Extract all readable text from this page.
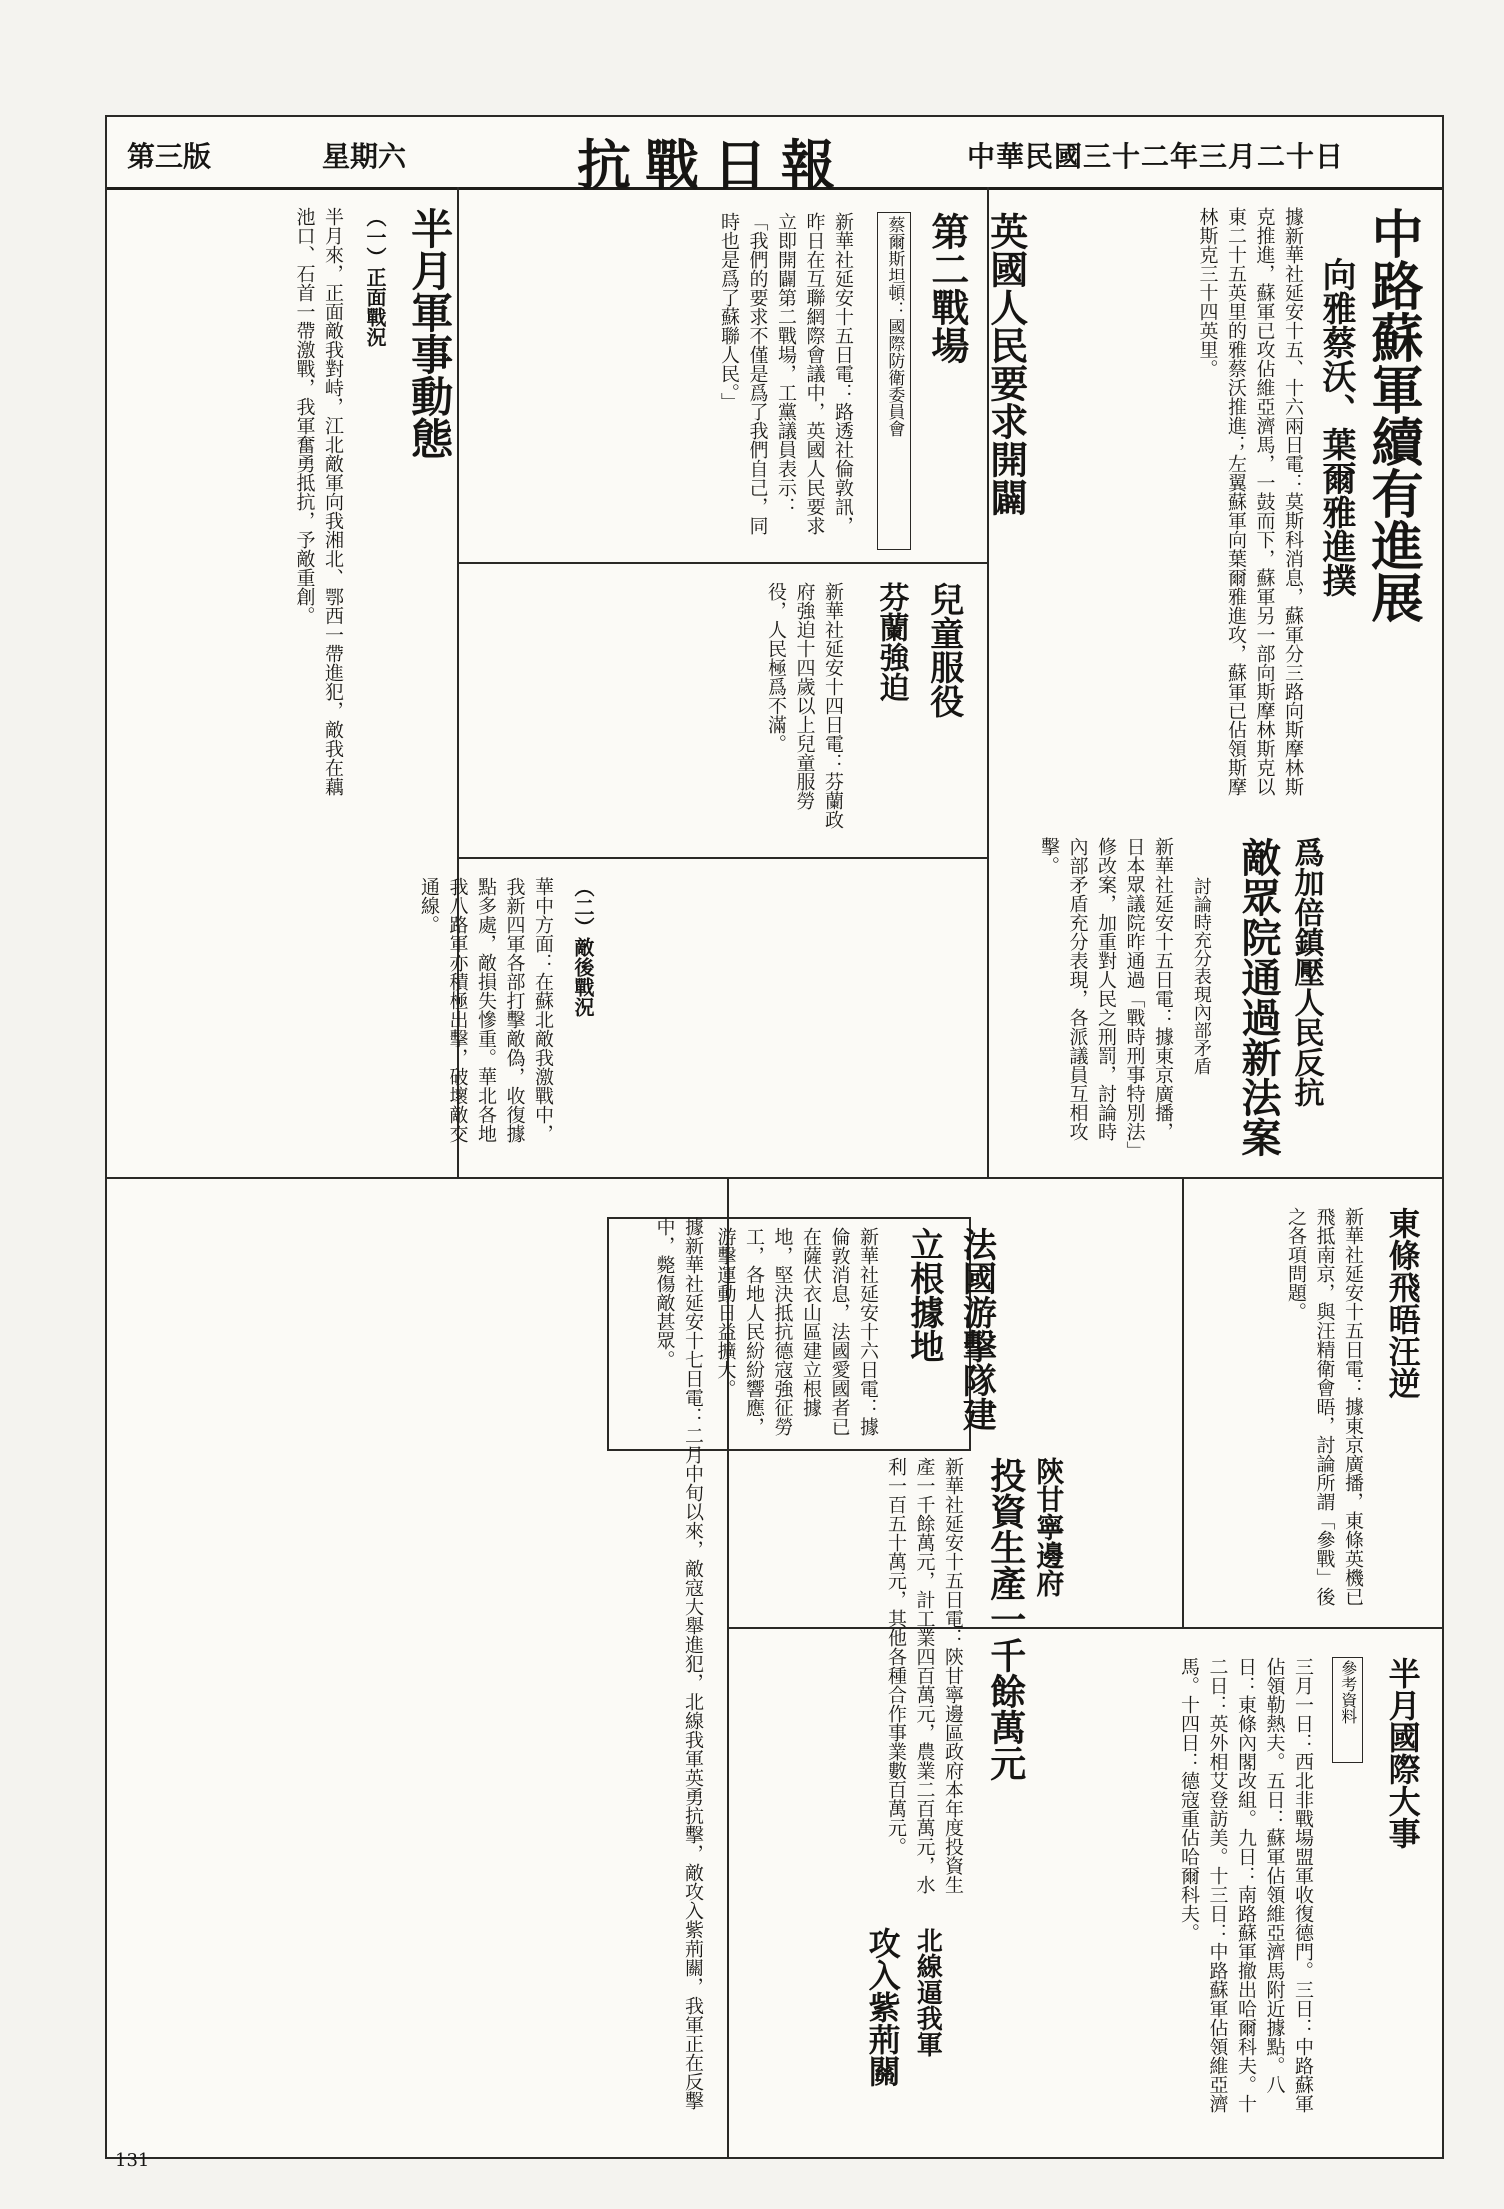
第三版	星期六	抗戰日報	中華民國三十二年三月二十日
中路蘇軍續有進展
向雅蔡沃、葉爾雅進撲
據新華社延安十五、十六兩日電：莫斯科消息，蘇軍分三路向斯摩林斯克推進，蘇軍已攻佔維亞濟馬，一鼓而下，蘇軍另一部向斯摩林斯克以東二十五英里的雅蔡沃推進；左翼蘇軍向葉爾雅進攻，蘇軍已佔領斯摩林斯克三十四英里。
英國人民要求開闢第二戰場
蔡爾斯坦頓：國際防衛委員會
新華社延安十五日電：路透社倫敦訊，昨日在互聯網際會議中，英國人民要求立即開闢第二戰場，工黨議員表示：「我們的要求不僅是爲了我們自己，同時也是爲了蘇聯人民。」
兒童服役
芬蘭強迫
新華社延安十四日電：芬蘭政府強迫十四歲以上兒童服勞役，人民極爲不滿。
半月軍事動態
（一）正面戰況
半月來，正面敵我對峙，江北敵軍向我湘北、鄂西一帶進犯，敵我在藕池口、石首一帶激戰，我軍奮勇抵抗，予敵重創。
（二）敵後戰況
華中方面：在蘇北敵我激戰中，我新四軍各部打擊敵偽，收復據點多處，敵損失慘重。華北各地我八路軍亦積極出擊，破壞敵交通線。	敵眾院通過新法案 爲加倍鎮壓人民反抗
討論時充分表現內部矛盾
新華社延安十五日電：據東京廣播，日本眾議院昨通過「戰時刑事特別法」修改案，加重對人民之刑罰，討論時內部矛盾充分表現，各派議員互相攻擊。
法國游擊隊建立根據地
新華社延安十六日電：據倫敦消息，法國愛國者已在薩伏衣山區建立根據地，堅決抵抗德寇強征勞工，各地人民紛紛響應，游擊運動日益擴大。	東條飛晤汪逆
新華社延安十五日電：據東京廣播，東條英機已飛抵南京，與汪精衛會晤，討論所謂「參戰」後之各項問題。
半月國際大事
參考資料
三月一日：西北非戰場盟軍收復德門。三日：中路蘇軍佔領勒熱夫。五日：蘇軍佔領維亞濟馬附近據點。八日：東條內閣改組。九日：南路蘇軍撤出哈爾科夫。十二日：英外相艾登訪美。十三日：中路蘇軍佔領維亞濟馬。十四日：德寇重佔哈爾科夫。
投資生產一千餘萬元 陝甘寧邊府
新華社延安十五日電：陝甘寧邊區政府本年度投資生產一千餘萬元，計工業四百萬元，農業二百萬元，水利一百五十萬元，其他各種合作事業數百萬元。
攻入紫荊關 北線逼我軍
據新華社延安十七日電：二月中旬以來，敵寇大舉進犯，北線我軍英勇抗擊，敵攻入紫荊關，我軍正在反擊中，斃傷敵甚眾。
131
